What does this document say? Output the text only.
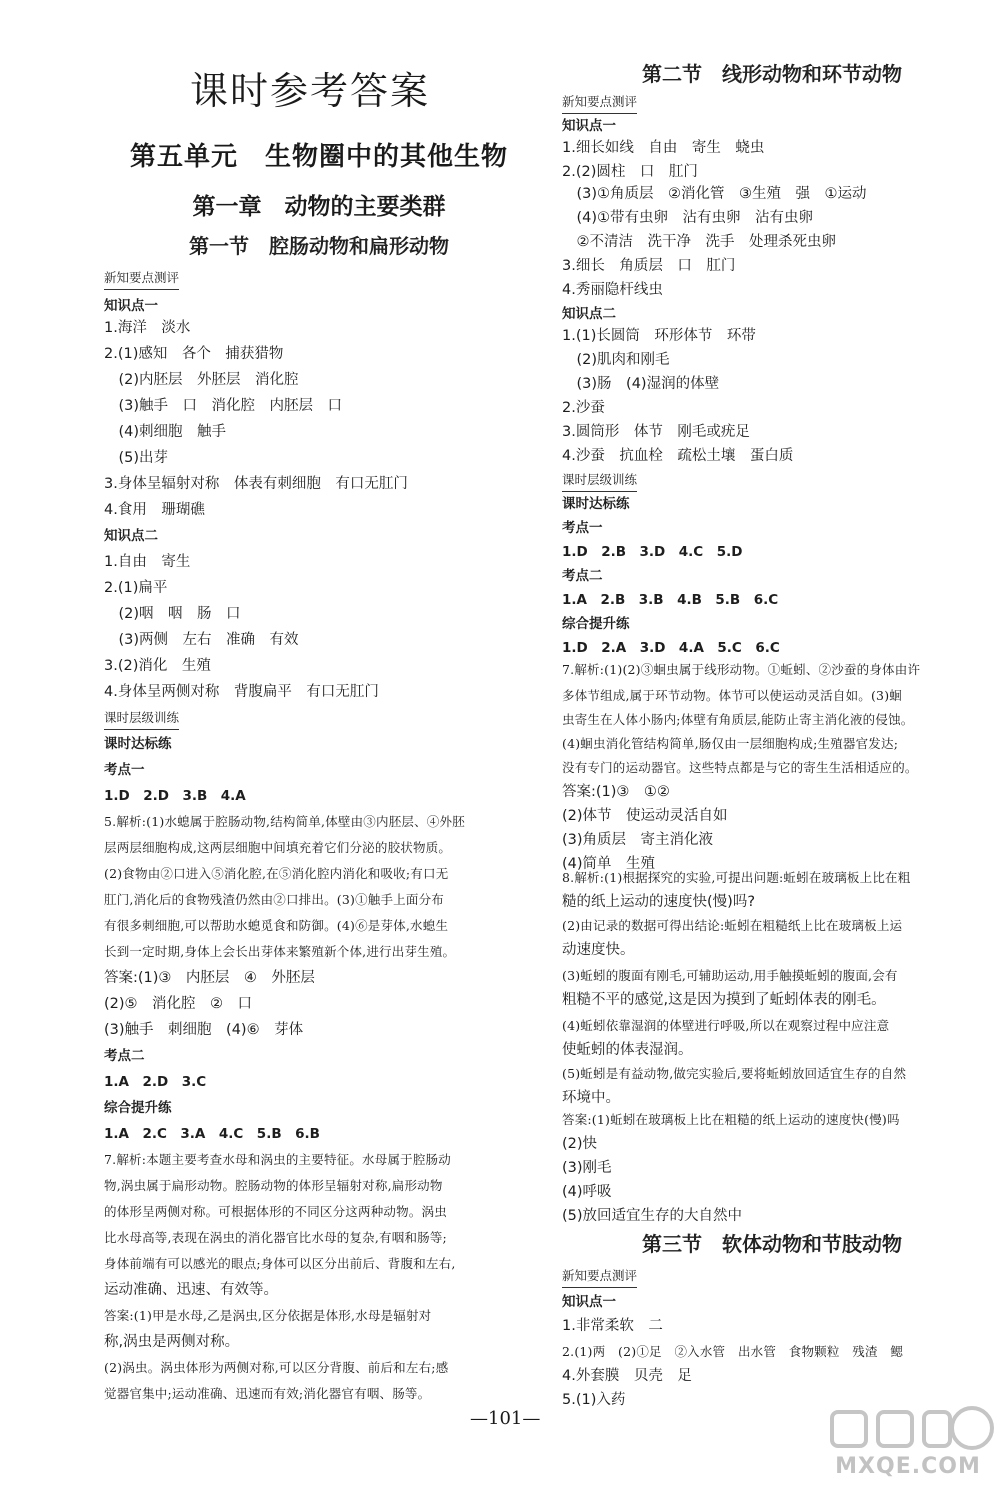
课时参考答案
第五单元　生物圈中的其他生物
第一章　动物的主要类群
第一节　腔肠动物和扁形动物
第二节　线形动物和环节动物
第三节　软体动物和节肢动物
新知要点测评
知识点一
1.海洋　淡水
2.(1)感知　各个　捕获猎物
　(2)内胚层　外胚层　消化腔
　(3)触手　口　消化腔　内胚层　口
　(4)刺细胞　触手
　(5)出芽
3.身体呈辐射对称　体表有刺细胞　有口无肛门
4.食用　珊瑚礁
知识点二
1.自由　寄生
2.(1)扁平
　(2)咽　咽　肠　口
　(3)两侧　左右　准确　有效
3.(2)消化　生殖
4.身体呈两侧对称　背腹扁平　有口无肛门
课时层级训练
课时达标练
考点一
1.D　2.D　3.B　4.A
5.解析:(1)水螅属于腔肠动物,结构简单,体壁由③内胚层、④外胚
层两层细胞构成,这两层细胞中间填充着它们分泌的胶状物质。
(2)食物由②口进入⑤消化腔,在⑤消化腔内消化和吸收;有口无
肛门,消化后的食物残渣仍然由②口排出。(3)①触手上面分布
有很多刺细胞,可以帮助水螅觅食和防御。(4)⑥是芽体,水螅生
长到一定时期,身体上会长出芽体来繁殖新个体,进行出芽生殖。
答案:(1)③　内胚层　④　外胚层
(2)⑤　消化腔　②　口
(3)触手　刺细胞　(4)⑥　芽体
考点二
1.A　2.D　3.C
综合提升练
1.A　2.C　3.A　4.C　5.B　6.B
7.解析:本题主要考查水母和涡虫的主要特征。水母属于腔肠动
物,涡虫属于扁形动物。腔肠动物的体形呈辐射对称,扁形动物
的体形呈两侧对称。可根据体形的不同区分这两种动物。涡虫
比水母高等,表现在涡虫的消化器官比水母的复杂,有咽和肠等;
身体前端有可以感光的眼点;身体可以区分出前后、背腹和左右,
运动准确、迅速、有效等。
答案:(1)甲是水母,乙是涡虫,区分依据是体形,水母是辐射对
称,涡虫是两侧对称。
(2)涡虫。涡虫体形为两侧对称,可以区分背腹、前后和左右;感
觉器官集中;运动准确、迅速而有效;消化器官有咽、肠等。
新知要点测评
知识点一
1.细长如线　自由　寄生　蛲虫
2.(2)圆柱　口　肛门
　(3)①角质层　②消化管　③生殖　强　①运动
　(4)①带有虫卵　沾有虫卵　沾有虫卵
　②不清洁　洗干净　洗手　处理杀死虫卵
3.细长　角质层　口　肛门
4.秀丽隐杆线虫
知识点二
1.(1)长圆筒　环形体节　环带
　(2)肌肉和刚毛
　(3)肠　(4)湿润的体壁
2.沙蚕
3.圆筒形　体节　刚毛或疣足
4.沙蚕　抗血栓　疏松土壤　蛋白质
课时层级训练
课时达标练
考点一
1.D　2.B　3.D　4.C　5.D
考点二
1.A　2.B　3.B　4.B　5.B　6.C
综合提升练
1.D　2.A　3.D　4.A　5.C　6.C
7.解析:(1)(2)③蛔虫属于线形动物。①蚯蚓、②沙蚕的身体由许
多体节组成,属于环节动物。体节可以使运动灵活自如。(3)蛔
虫寄生在人体小肠内;体壁有角质层,能防止寄主消化液的侵蚀。
(4)蛔虫消化管结构简单,肠仅由一层细胞构成;生殖器官发达;
没有专门的运动器官。这些特点都是与它的寄生生活相适应的。
答案:(1)③　①②
(2)体节　使运动灵活自如
(3)角质层　寄主消化液
(4)简单　生殖
8.解析:(1)根据探究的实验,可提出问题:蚯蚓在玻璃板上比在粗
糙的纸上运动的速度快(慢)吗?
(2)由记录的数据可得出结论:蚯蚓在粗糙纸上比在玻璃板上运
动速度快。
(3)蚯蚓的腹面有刚毛,可辅助运动,用手触摸蚯蚓的腹面,会有
粗糙不平的感觉,这是因为摸到了蚯蚓体表的刚毛。
(4)蚯蚓依靠湿润的体壁进行呼吸,所以在观察过程中应注意
使蚯蚓的体表湿润。
(5)蚯蚓是有益动物,做完实验后,要将蚯蚓放回适宜生存的自然
环境中。
答案:(1)蚯蚓在玻璃板上比在粗糙的纸上运动的速度快(慢)吗
(2)快
(3)刚毛
(4)呼吸
(5)放回适宜生存的大自然中
新知要点测评
知识点一
1.非常柔软　二
2.(1)两　(2)①足　②入水管　出水管　食物颗粒　残渣　鳃
4.外套膜　贝壳　足
5.(1)入药
—101—
MXQE.COM
